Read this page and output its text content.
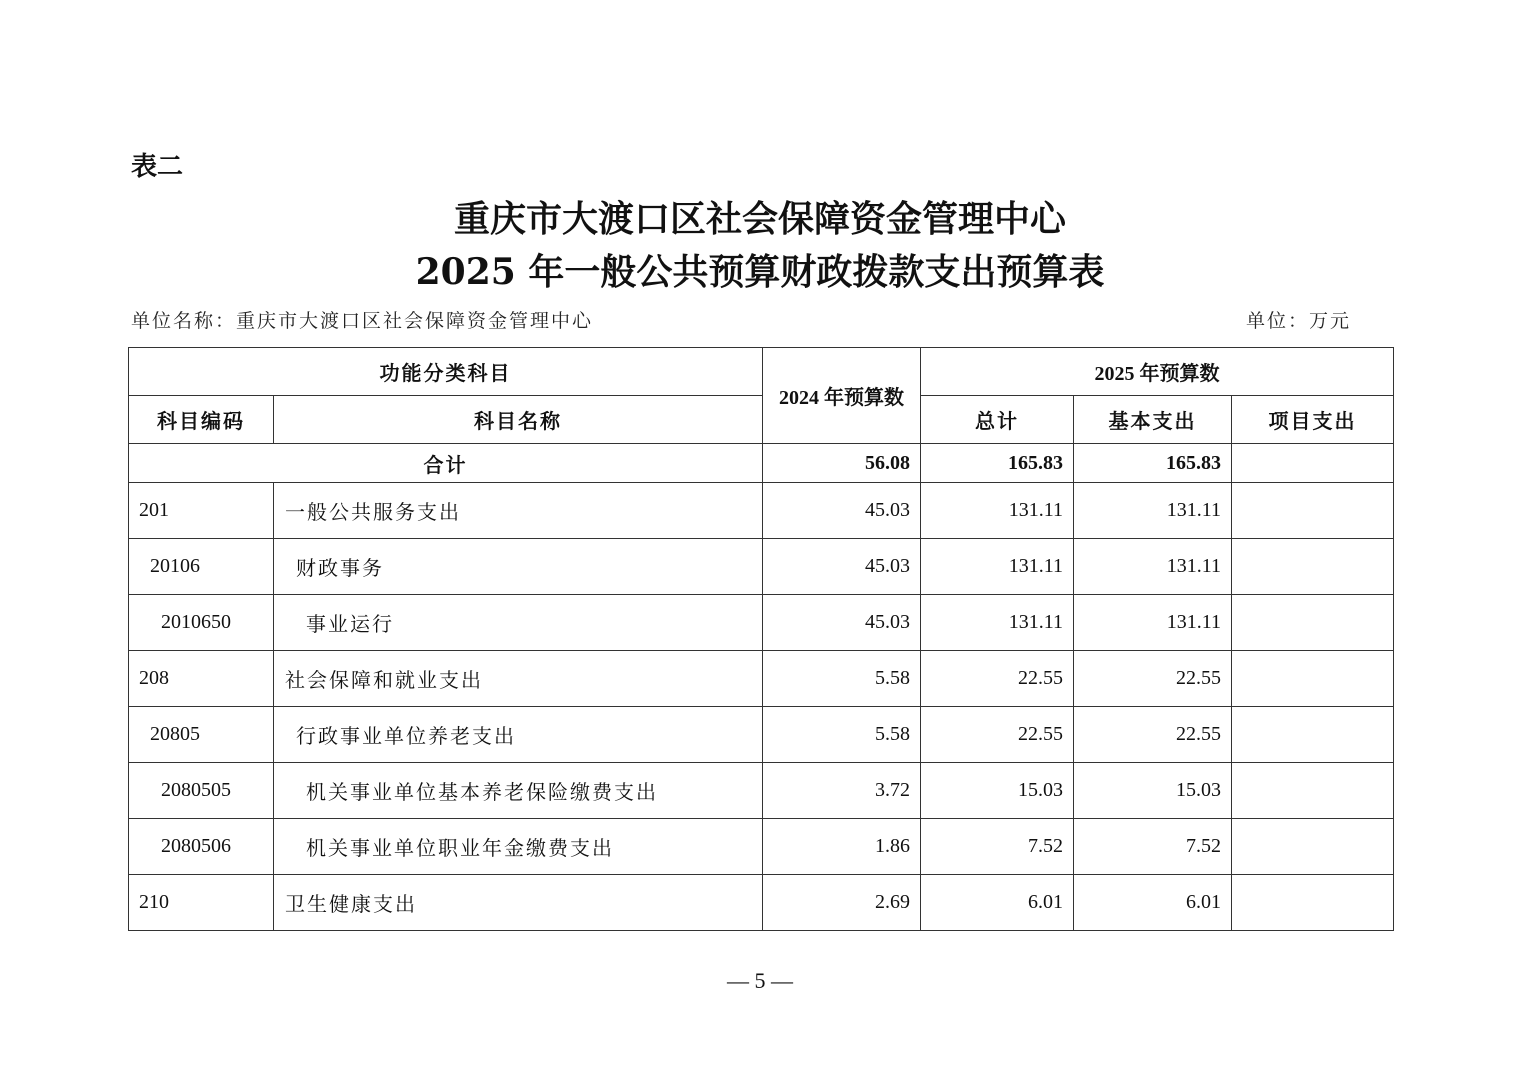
表二
重庆市大渡口区社会保障资金管理中心
2025 年一般公共预算财政拨款支出预算表
单位名称：重庆市大渡口区社会保障资金管理中心	单位：万元
功能分类科目		2024 年预算数	2025 年预算数		
科目编码	科目名称		总计	基本支出	项目支出
合计		56.08	165.83	165.83	
201	一般公共服务支出	45.03	131.11	131.11	
20106	财政事务	45.03	131.11	131.11	
2010650	事业运行	45.03	131.11	131.11	
208	社会保障和就业支出	5.58	22.55	22.55	
20805	行政事业单位养老支出	5.58	22.55	22.55	
2080505	机关事业单位基本养老保险缴费支出	3.72	15.03	15.03	
2080506	机关事业单位职业年金缴费支出	1.86	7.52	7.52	
210	卫生健康支出	2.69	6.01	6.01	
— 5 —
